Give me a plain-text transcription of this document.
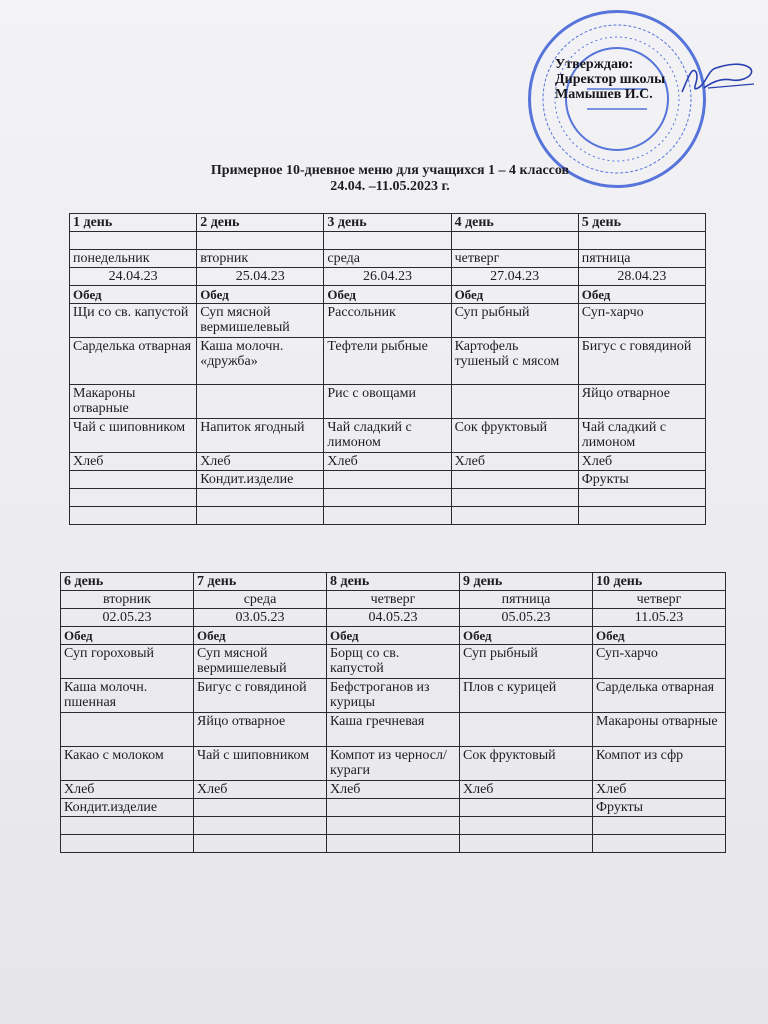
Утверждаю:
Директор школы
Мамышев И.С.
Примерное 10-дневное меню для учащихся 1 – 4 классов
24.04. –11.05.2023 г.
1 день	2 день	3 день	4 день	5 день

понедельник	вторник	среда	четверг	пятница
24.04.23	25.04.23	26.04.23	27.04.23	28.04.23
Обед	Обед	Обед	Обед	Обед
Щи со св. капустой	Суп мясной вермишелевый	Рассольник	Суп рыбный	Суп-харчо
Сарделька отварная	Каша молочн. «дружба»	Тефтели рыбные	Картофель тушеный с мясом	Бигус с говядиной
Макароны отварные		Рис с овощами		Яйцо отварное
Чай с шиповником	Напиток ягодный	Чай сладкий с лимоном	Сок фруктовый	Чай сладкий с лимоном
Хлеб	Хлеб	Хлеб	Хлеб	Хлеб
	Кондит.изделие			Фрукты

6 день	7 день	8 день	9 день	10 день
вторник	среда	четверг	пятница	четверг
02.05.23	03.05.23	04.05.23	05.05.23	11.05.23
Обед	Обед	Обед	Обед	Обед
Суп гороховый	Суп мясной вермишелевый	Борщ со св. капустой	Суп рыбный	Суп-харчо
Каша молочн. пшенная	Бигус с говядиной	Бефстроганов из курицы	Плов с курицей	Сарделька отварная
	Яйцо отварное	Каша гречневая		Макароны отварные
Какао с молоком	Чай с шиповником	Компот из черносл/кураги	Сок фруктовый	Компот из сфр
Хлеб	Хлеб	Хлеб	Хлеб	Хлеб
Кондит.изделие				Фрукты
